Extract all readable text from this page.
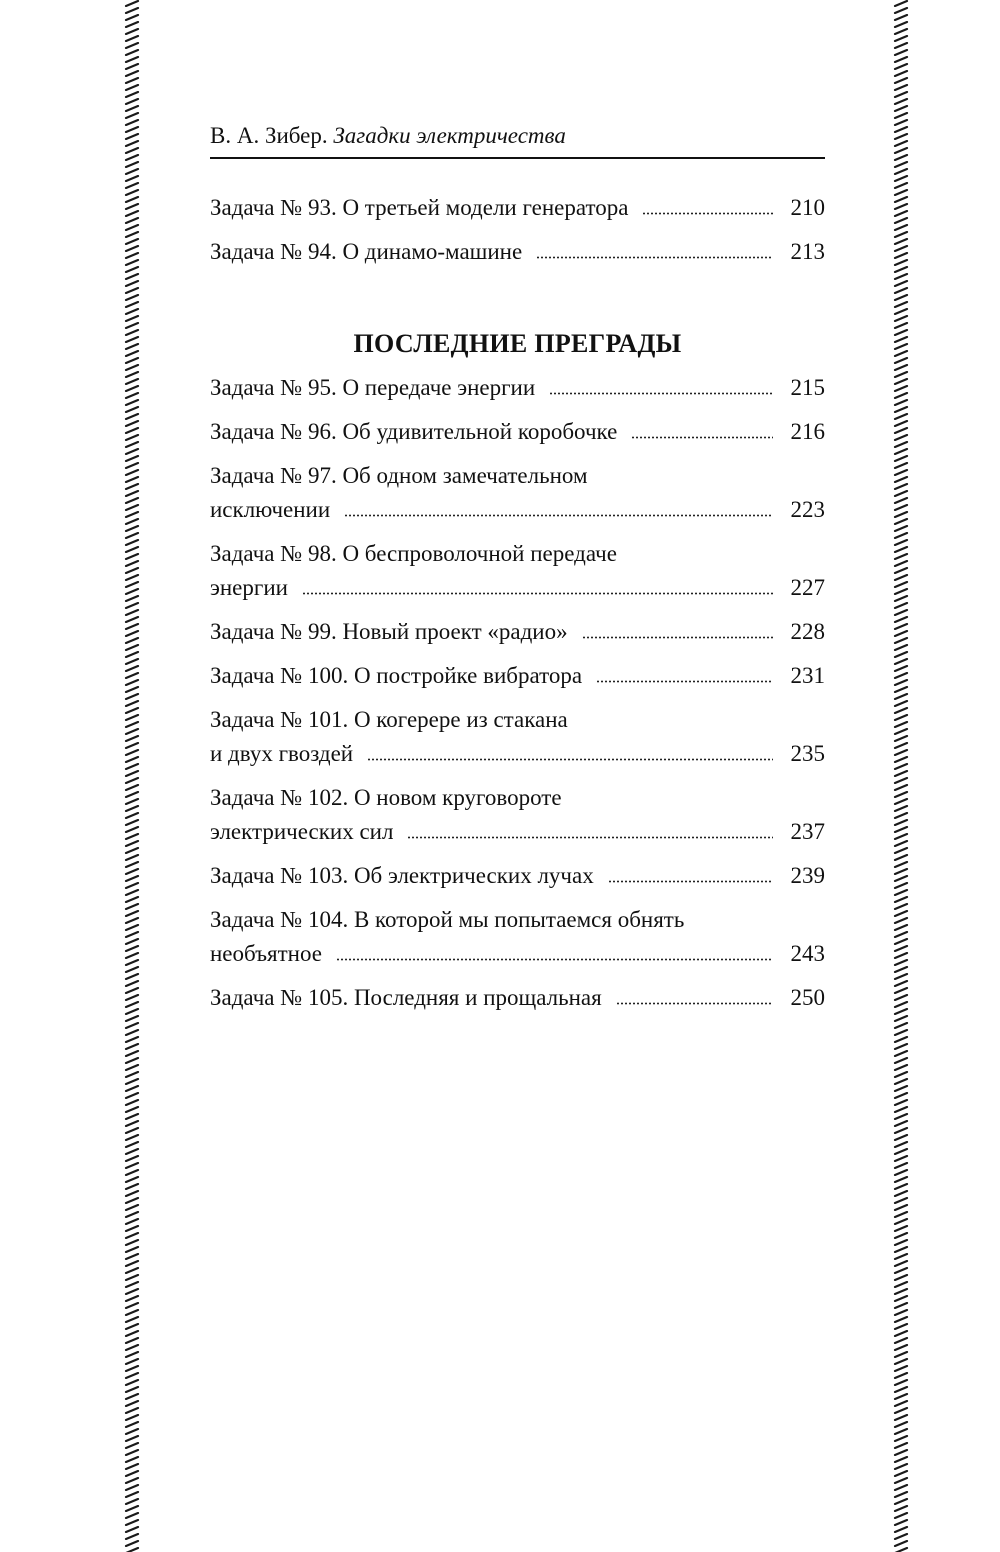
В. А. Зибер. Загадки электричества
Задача № 93. О третьей модели генератора	210
Задача № 94. О динамо-машине	213
ПОСЛЕДНИЕ ПРЕГРАДЫ
Задача № 95. О передаче энергии	215
Задача № 96. Об удивительной коробочке	216
Задача № 97. Об одном замечательном
исключении	223
Задача № 98. О беспроволочной передаче
энергии	227
Задача № 99. Новый проект «радио»	228
Задача № 100. О постройке вибратора	231
Задача № 101. О когерере из стакана
и двух гвоздей	235
Задача № 102. О новом круговороте
электрических сил	237
Задача № 103. Об электрических лучах	239
Задача № 104. В которой мы попытаемся обнять
необъятное	243
Задача № 105. Последняя и прощальная	250
